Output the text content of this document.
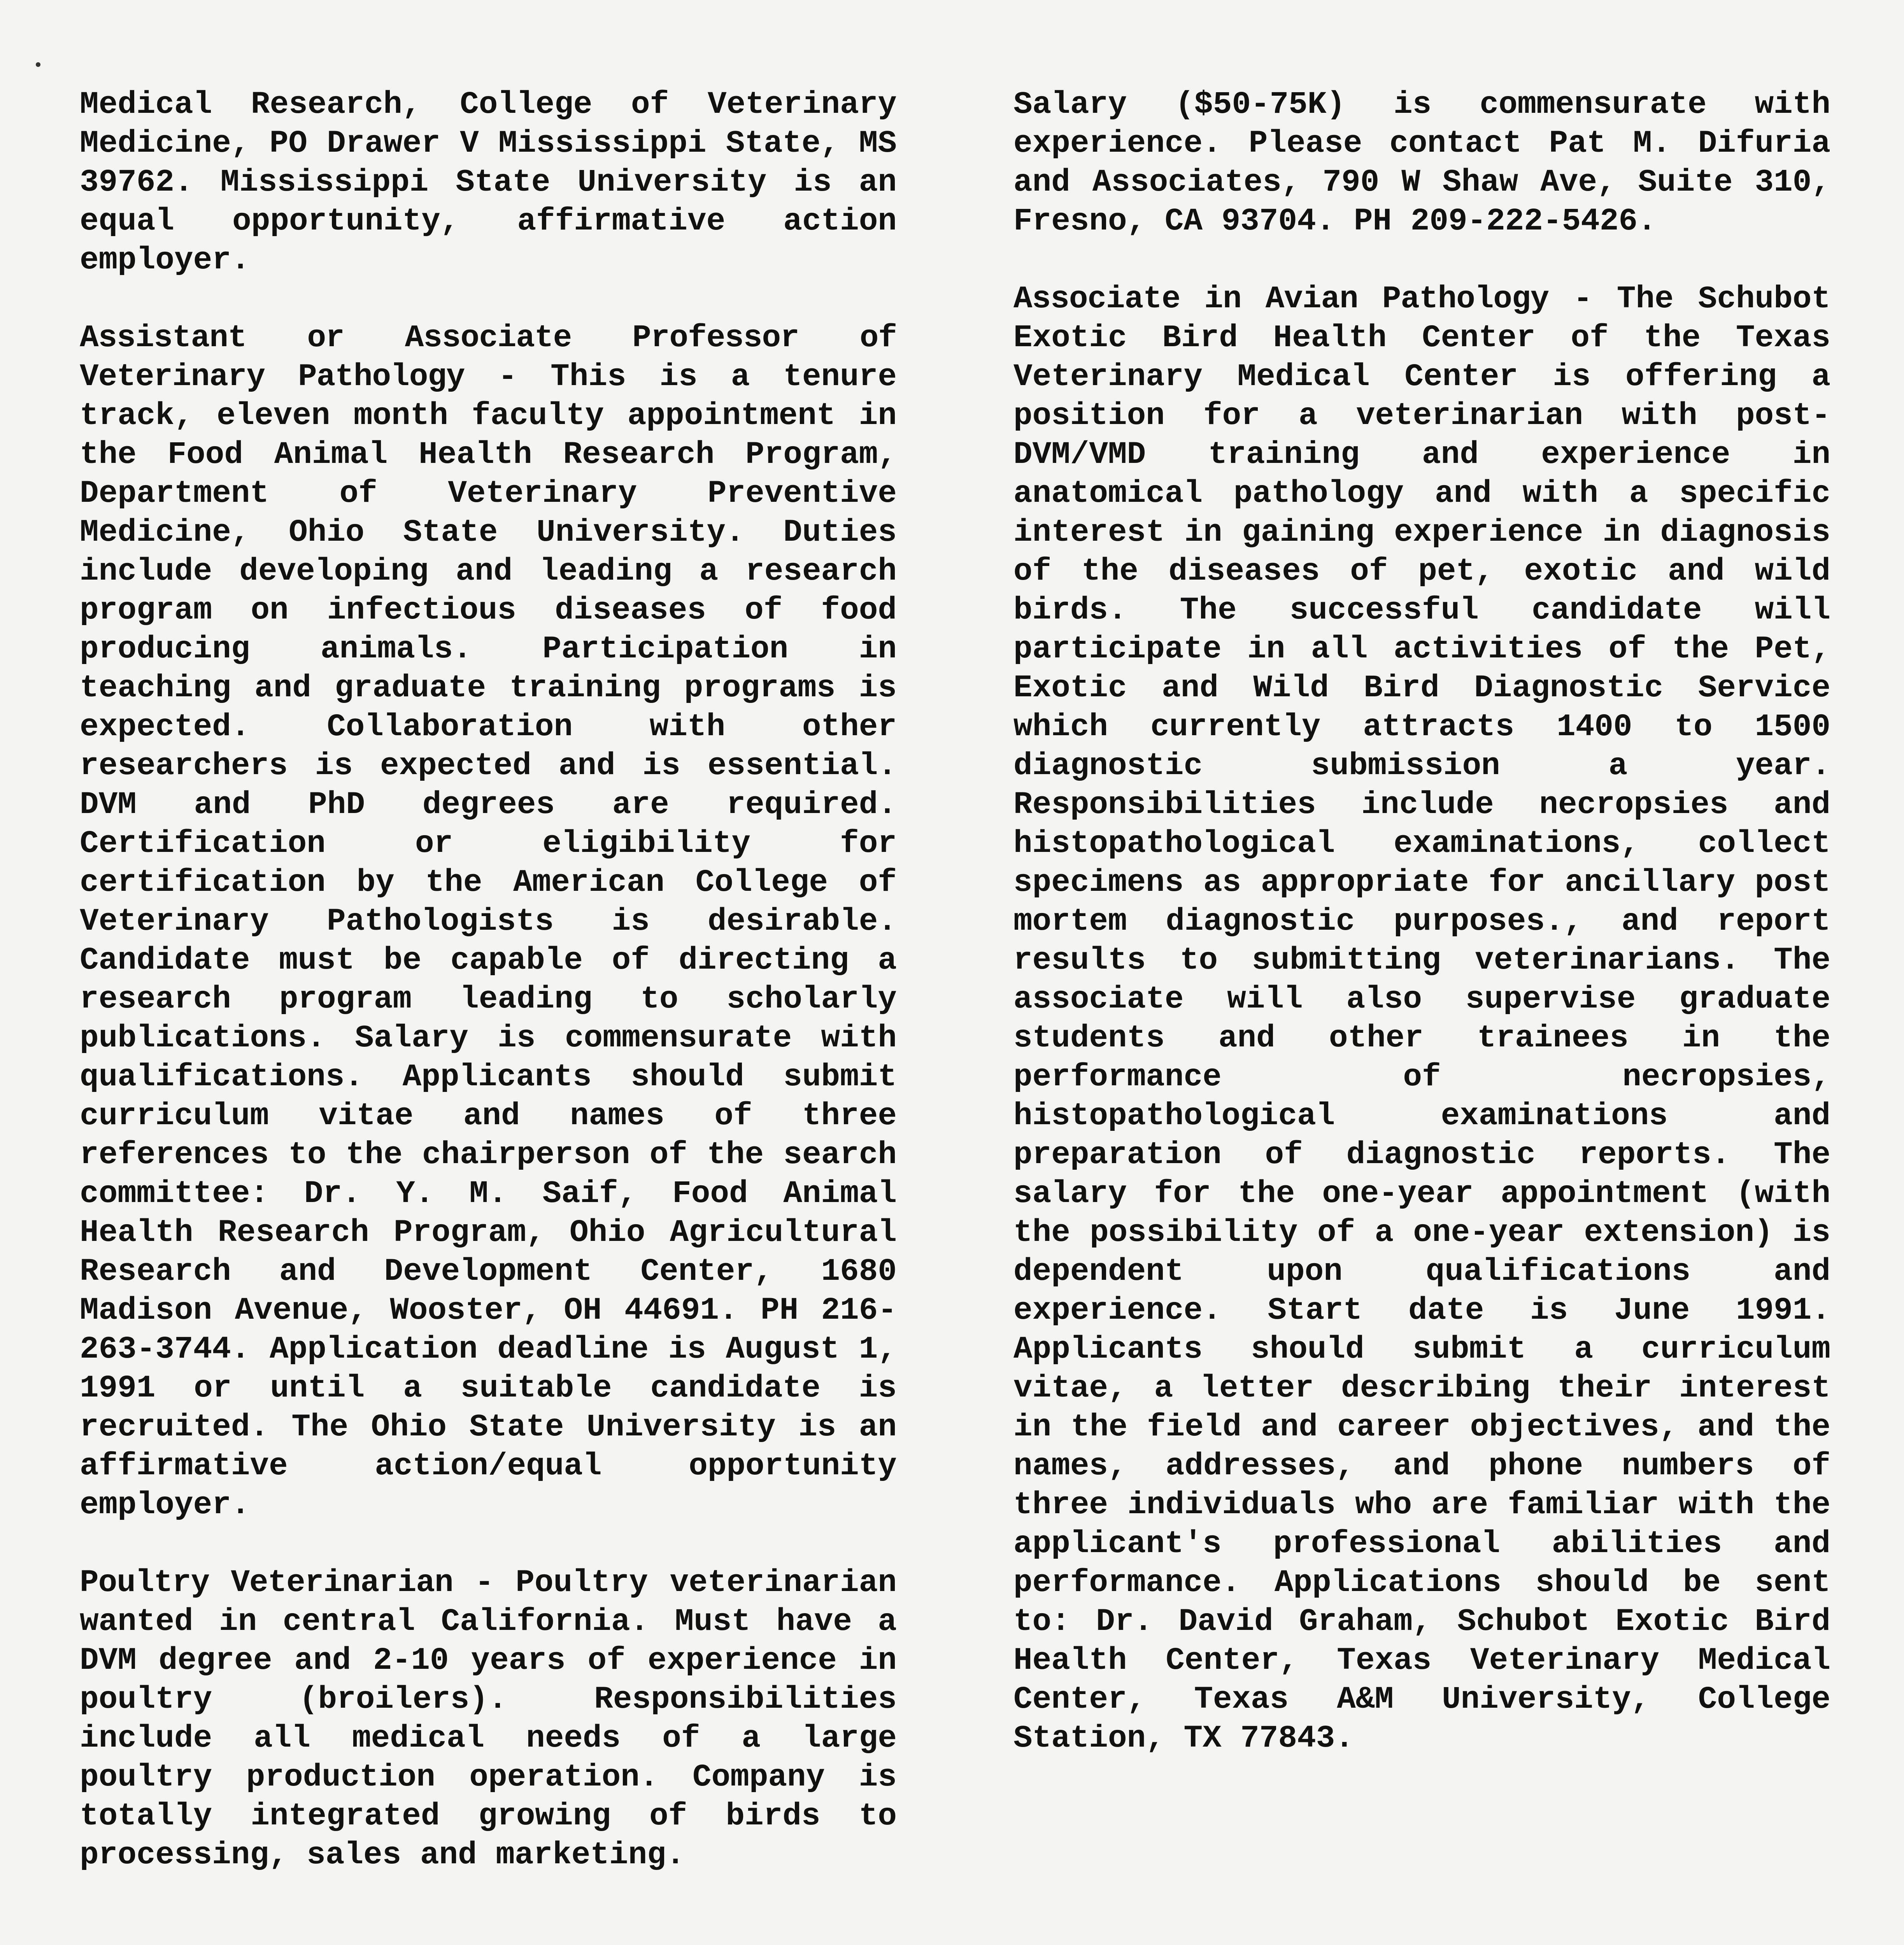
Medical Research, College of Veterinary Medicine, PO Drawer V Mississippi State, MS 39762. Mississippi State University is an equal opportunity, affirmative action employer.

Assistant or Associate Professor of Veterinary Pathology - This is a tenure track, eleven month faculty appointment in the Food Animal Health Research Program, Department of Veterinary Preventive Medicine, Ohio State University. Duties include developing and leading a research program on infectious diseases of food producing animals. Participation in teaching and graduate training programs is expected. Collaboration with other researchers is expected and is essential. DVM and PhD degrees are required. Certification or eligibility for certification by the American College of Veterinary Pathologists is desirable. Candidate must be capable of directing a research program leading to scholarly publications. Salary is commensurate with qualifications. Applicants should submit curriculum vitae and names of three references to the chairperson of the search committee: Dr. Y. M. Saif, Food Animal Health Research Program, Ohio Agricultural Research and Development Center, 1680 Madison Avenue, Wooster, OH 44691. PH 216-263-3744. Application deadline is August 1, 1991 or until a suitable candidate is recruited. The Ohio State University is an affirmative action/equal opportunity employer.

Poultry Veterinarian - Poultry veterinarian wanted in central California. Must have a DVM degree and 2-10 years of experience in poultry (broilers). Responsibilities include all medical needs of a large poultry production operation. Company is totally integrated growing of birds to processing, sales and marketing.

Salary ($50-75K) is commensurate with experience. Please contact Pat M. Difuria and Associates, 790 W Shaw Ave, Suite 310, Fresno, CA 93704. PH 209-222-5426.

Associate in Avian Pathology - The Schubot Exotic Bird Health Center of the Texas Veterinary Medical Center is offering a position for a veterinarian with post-DVM/VMD training and experience in anatomical pathology and with a specific interest in gaining experience in diagnosis of the diseases of pet, exotic and wild birds. The successful candidate will participate in all activities of the Pet, Exotic and Wild Bird Diagnostic Service which currently attracts 1400 to 1500 diagnostic submission a year. Responsibilities include necropsies and histopathological examinations, collect specimens as appropriate for ancillary post mortem diagnostic purposes., and report results to submitting veterinarians. The associate will also supervise graduate students and other trainees in the performance of necropsies, histopathological examinations and preparation of diagnostic reports. The salary for the one-year appointment (with the possibility of a one-year extension) is dependent upon qualifications and experience. Start date is June 1991. Applicants should submit a curriculum vitae, a letter describing their interest in the field and career objectives, and the names, addresses, and phone numbers of three individuals who are familiar with the applicant's professional abilities and performance. Applications should be sent to: Dr. David Graham, Schubot Exotic Bird Health Center, Texas Veterinary Medical Center, Texas A&M University, College Station, TX 77843.
